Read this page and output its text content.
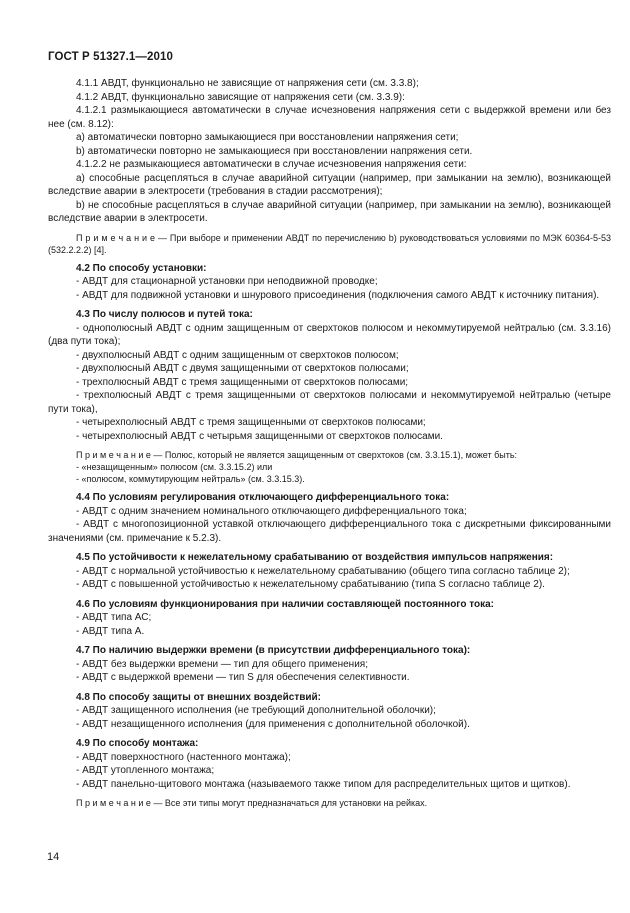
ГОСТ Р 51327.1—2010

4.1.1 АВДТ, функционально не зависящие от напряжения сети (см. 3.3.8);

4.1.2 АВДТ, функционально зависящие от напряжения сети (см. 3.3.9):

4.1.2.1 размыкающиеся автоматически в случае исчезновения напряжения сети с выдержкой времени или без нее (см. 8.12):

a) автоматически повторно замыкающиеся при восстановлении напряжения сети;

b) автоматически повторно не замыкающиеся при восстановлении напряжения сети.

4.1.2.2 не размыкающиеся автоматически в случае исчезновения напряжения сети:

a) способные расцепляться в случае аварийной ситуации (например, при замыкании на землю), возникающей вследствие аварии в электросети (требования в стадии рассмотрения);

b) не способные расцепляться в случае аварийной ситуации (например, при замыкании на землю), возникающей вследствие аварии в электросети.

П р и м е ч а н и е — При выборе и применении АВДТ по перечислению b) руководствоваться условиями по МЭК 60364-5-53 (532.2.2.2) [4].

4.2 По способу установки:

- АВДТ для стационарной установки при неподвижной проводке;

- АВДТ для подвижной установки и шнурового присоединения (подключения самого АВДТ к источнику питания).

4.3 По числу полюсов и путей тока:

- однополюсный АВДТ с одним защищенным от сверхтоков полюсом и некоммутируемой нейтралью (см. 3.3.16) (два пути тока);

- двухполюсный АВДТ с одним защищенным от сверхтоков полюсом;

- двухполюсный АВДТ с двумя защищенными от сверхтоков полюсами;

- трехполюсный АВДТ с тремя защищенными от сверхтоков полюсами;

- трехполюсный АВДТ с тремя защищенными от сверхтоков полюсами и некоммутируемой нейтралью (четыре пути тока),

- четырехполюсный АВДТ с тремя защищенными от сверхтоков полюсами;

- четырехполюсный АВДТ с четырьмя защищенными от сверхтоков полюсами.

П р и м е ч а н и е — Полюс, который не является защищенным от сверхтоков (см. 3.3.15.1), может быть:

- «незащищенным» полюсом (см. 3.3.15.2) или

- «полюсом, коммутирующим нейтраль» (см. 3.3.15.3).

4.4 По условиям регулирования отключающего дифференциального тока:

- АВДТ с одним значением номинального отключающего дифференциального тока;

- АВДТ с многопозиционной уставкой отключающего дифференциального тока с дискретными фиксированными значениями (см. примечание к 5.2.3).

4.5 По устойчивости к нежелательному срабатыванию от воздействия импульсов напряжения:

- АВДТ с нормальной устойчивостью к нежелательному срабатыванию (общего типа согласно таблице 2);

- АВДТ с повышенной устойчивостью к нежелательному срабатыванию (типа S согласно таблице 2).

4.6 По условиям функционирования при наличии составляющей постоянного тока:

- АВДТ типа АС;

- АВДТ типа А.

4.7 По наличию выдержки времени (в присутствии дифференциального тока):

- АВДТ без выдержки времени — тип для общего применения;

- АВДТ с выдержкой времени — тип S для обеспечения селективности.

4.8 По способу защиты от внешних воздействий:

- АВДТ защищенного исполнения (не требующий дополнительной оболочки);

- АВДТ незащищенного исполнения (для применения с дополнительной оболочкой).

4.9 По способу монтажа:

- АВДТ поверхностного (настенного монтажа);

- АВДТ утопленного монтажа;

- АВДТ панельно-щитового монтажа (называемого также типом для распределительных щитов и щитков).

П р и м е ч а н и е — Все эти типы могут предназначаться для установки на рейках.

14
